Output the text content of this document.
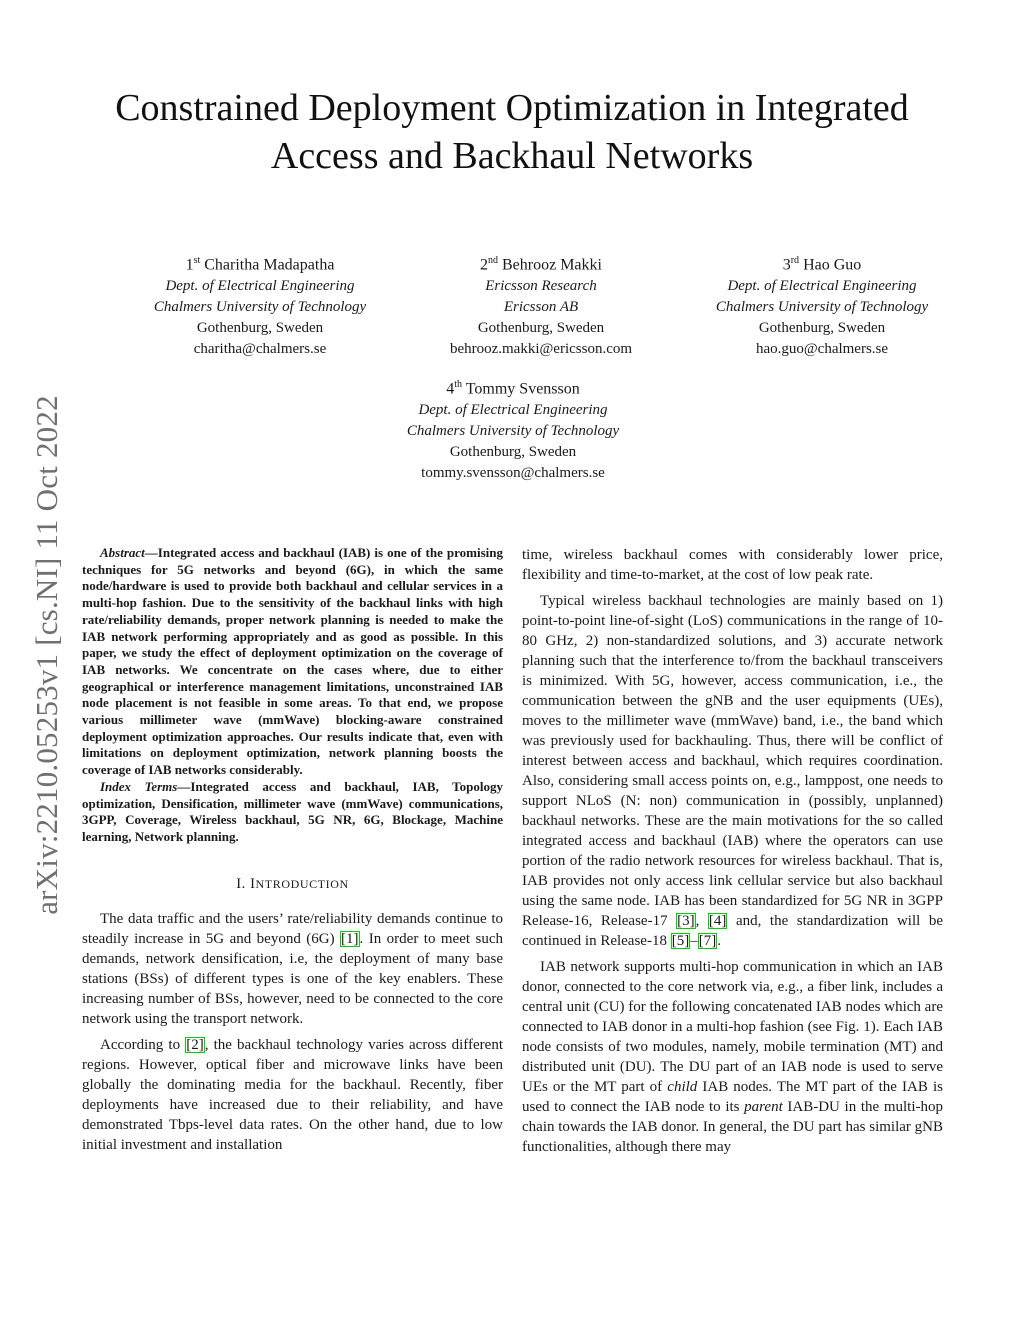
arXiv:2210.05253v1 [cs.NI] 11 Oct 2022
Constrained Deployment Optimization in Integrated
Access and Backhaul Networks
1st Charitha Madapatha
Dept. of Electrical Engineering
Chalmers University of Technology
Gothenburg, Sweden
charitha@chalmers.se
2nd Behrooz Makki
Ericsson Research
Ericsson AB
Gothenburg, Sweden
behrooz.makki@ericsson.com
3rd Hao Guo
Dept. of Electrical Engineering
Chalmers University of Technology
Gothenburg, Sweden
hao.guo@chalmers.se
4th Tommy Svensson
Dept. of Electrical Engineering
Chalmers University of Technology
Gothenburg, Sweden
tommy.svensson@chalmers.se

Abstract—Integrated access and backhaul (IAB) is one of the promising techniques for 5G networks and beyond (6G), in which the same node/hardware is used to provide both backhaul and cellular services in a multi-hop fashion. Due to the sensitivity of the backhaul links with high rate/reliability demands, proper network planning is needed to make the IAB network performing appropriately and as good as possible. In this paper, we study the effect of deployment optimization on the coverage of IAB networks. We concentrate on the cases where, due to either geographical or interference management limitations, unconstrained IAB node placement is not feasible in some areas. To that end, we propose various millimeter wave (mmWave) blocking-aware constrained deployment optimization approaches. Our results indicate that, even with limitations on deployment optimization, network planning boosts the coverage of IAB networks considerably.

Index Terms—Integrated access and backhaul, IAB, Topology optimization, Densification, millimeter wave (mmWave) communications, 3GPP, Coverage, Wireless backhaul, 5G NR, 6G, Blockage, Machine learning, Network planning.

I. INTRODUCTION

The data traffic and the users’ rate/reliability demands continue to steadily increase in 5G and beyond (6G) [1]. In order to meet such demands, network densification, i.e, the deployment of many base stations (BSs) of different types is one of the key enablers. These increasing number of BSs, however, need to be connected to the core network using the transport network.

According to [2], the backhaul technology varies across different regions. However, optical fiber and microwave links have been globally the dominating media for the backhaul. Recently, fiber deployments have increased due to their reliability, and have demonstrated Tbps-level data rates. On the other hand, due to low initial investment and installation

time, wireless backhaul comes with considerably lower price, flexibility and time-to-market, at the cost of low peak rate.

Typical wireless backhaul technologies are mainly based on 1) point-to-point line-of-sight (LoS) communications in the range of 10-80 GHz, 2) non-standardized solutions, and 3) accurate network planning such that the interference to/from the backhaul transceivers is minimized. With 5G, however, access communication, i.e., the communication between the gNB and the user equipments (UEs), moves to the millimeter wave (mmWave) band, i.e., the band which was previously used for backhauling. Thus, there will be conflict of interest between access and backhaul, which requires coordination. Also, considering small access points on, e.g., lamppost, one needs to support NLoS (N: non) communication in (possibly, unplanned) backhaul networks. These are the main motivations for the so called integrated access and backhaul (IAB) where the operators can use portion of the radio network resources for wireless backhaul. That is, IAB provides not only access link cellular service but also backhaul using the same node. IAB has been standardized for 5G NR in 3GPP Release-16, Release-17 [3], [4] and, the standardization will be continued in Release-18 [5]–[7].

IAB network supports multi-hop communication in which an IAB donor, connected to the core network via, e.g., a fiber link, includes a central unit (CU) for the following concatenated IAB nodes which are connected to IAB donor in a multi-hop fashion (see Fig. 1). Each IAB node consists of two modules, namely, mobile termination (MT) and distributed unit (DU). The DU part of an IAB node is used to serve UEs or the MT part of child IAB nodes. The MT part of the IAB is used to connect the IAB node to its parent IAB-DU in the multi-hop chain towards the IAB donor. In general, the DU part has similar gNB functionalities, although there may
